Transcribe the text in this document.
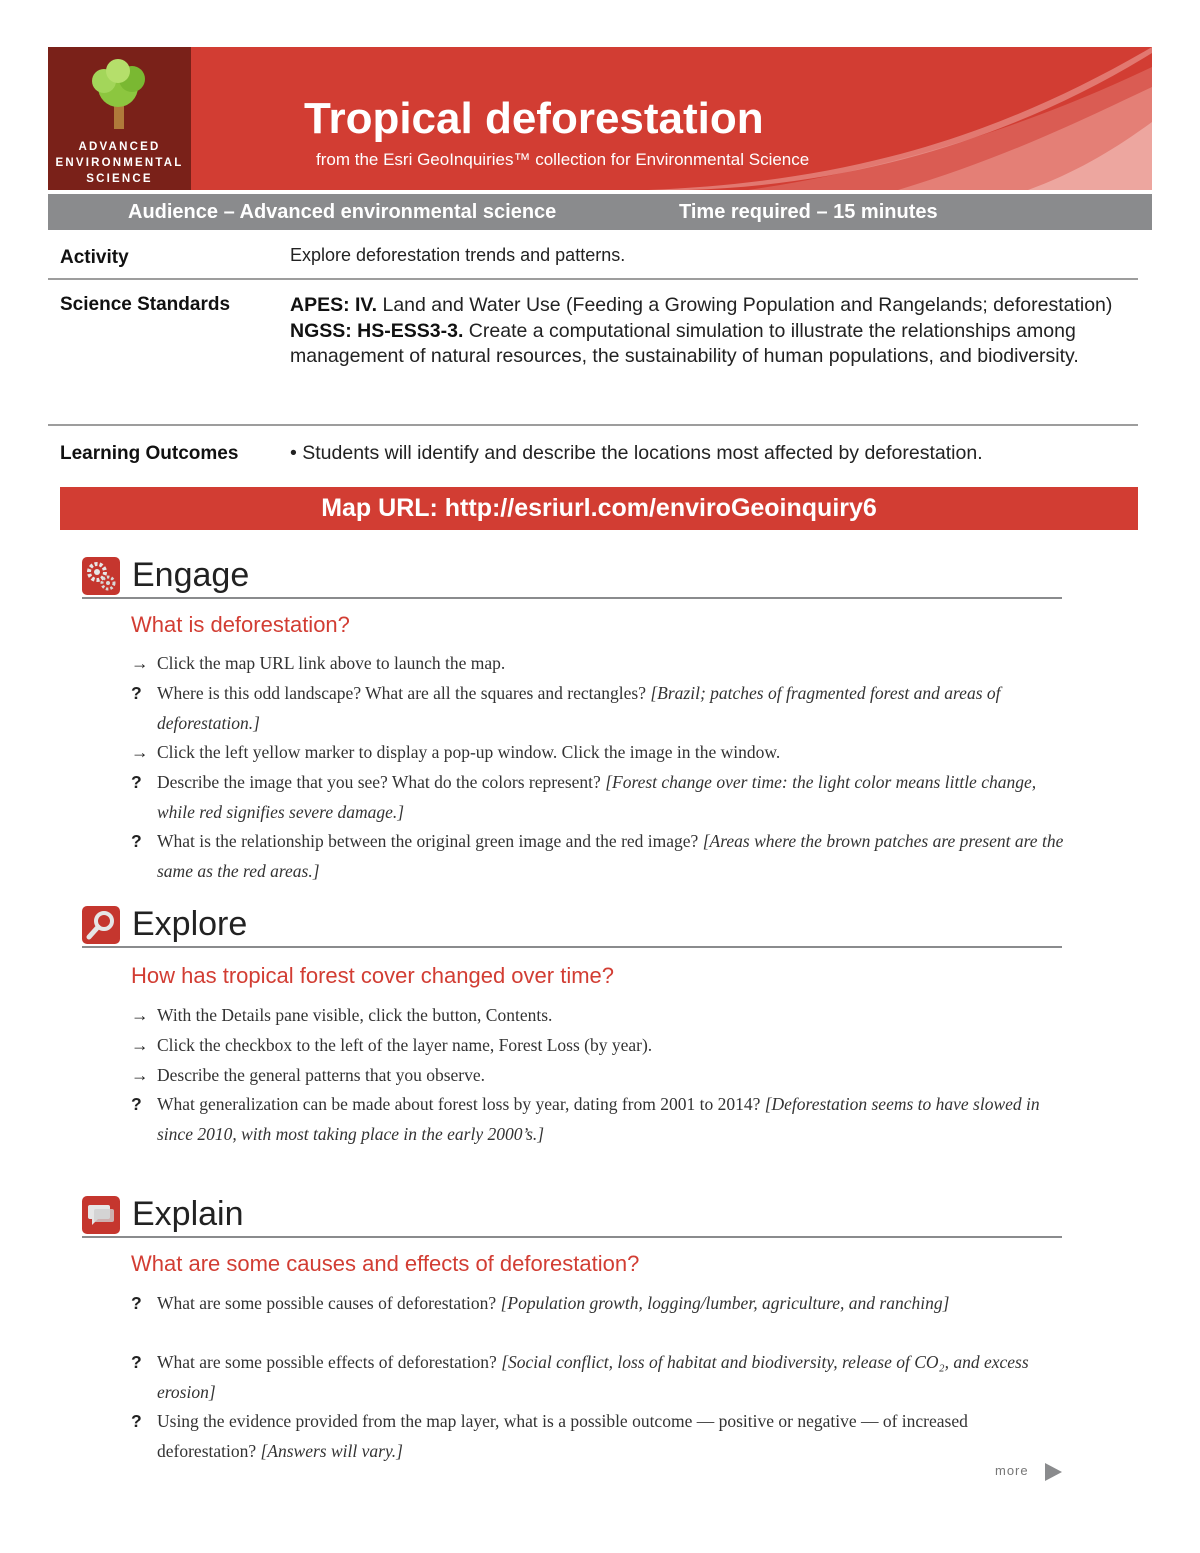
ADVANCED
ENVIRONMENTAL
SCIENCE
Tropical deforestation
from the Esri GeoInquiries™ collection for Environmental Science
Audience – Advanced environmental science	Time required – 15 minutes
Activity	Explore deforestation trends and patterns.
Science Standards	APES: IV. Land and Water Use (Feeding a Growing Population and Rangelands; deforestation)
NGSS: HS-ESS3-3. Create a computational simulation to illustrate the relationships among management of natural resources, the sustainability of human populations, and biodiversity.
Learning Outcomes	• Students will identify and describe the locations most affected by deforestation.
Map URL: http://esriurl.com/enviroGeoinquiry6
Engage
What is deforestation?
→ Click the map URL link above to launch the map.
? Where is this odd landscape? What are all the squares and rectangles? [Brazil; patches of fragmented forest and areas of deforestation.]
→ Click the left yellow marker to display a pop-up window. Click the image in the window.
? Describe the image that you see? What do the colors represent? [Forest change over time: the light color means little change, while red signifies severe damage.]
? What is the relationship between the original green image and the red image? [Areas where the brown patches are present are the same as the red areas.]
Explore
How has tropical forest cover changed over time?
→ With the Details pane visible, click the button, Contents.
→ Click the checkbox to the left of the layer name, Forest Loss (by year).
→ Describe the general patterns that you observe.
? What generalization can be made about forest loss by year, dating from 2001 to 2014? [Deforestation seems to have slowed in since 2010, with most taking place in the early 2000’s.]
Explain
What are some causes and effects of deforestation?
? What are some possible causes of deforestation? [Population growth, logging/lumber, agriculture, and ranching]
? What are some possible effects of deforestation? [Social conflict, loss of habitat and biodiversity, release of CO₂, and excess erosion]
? Using the evidence provided from the map layer, what is a possible outcome — positive or negative — of increased deforestation? [Answers will vary.]
more
